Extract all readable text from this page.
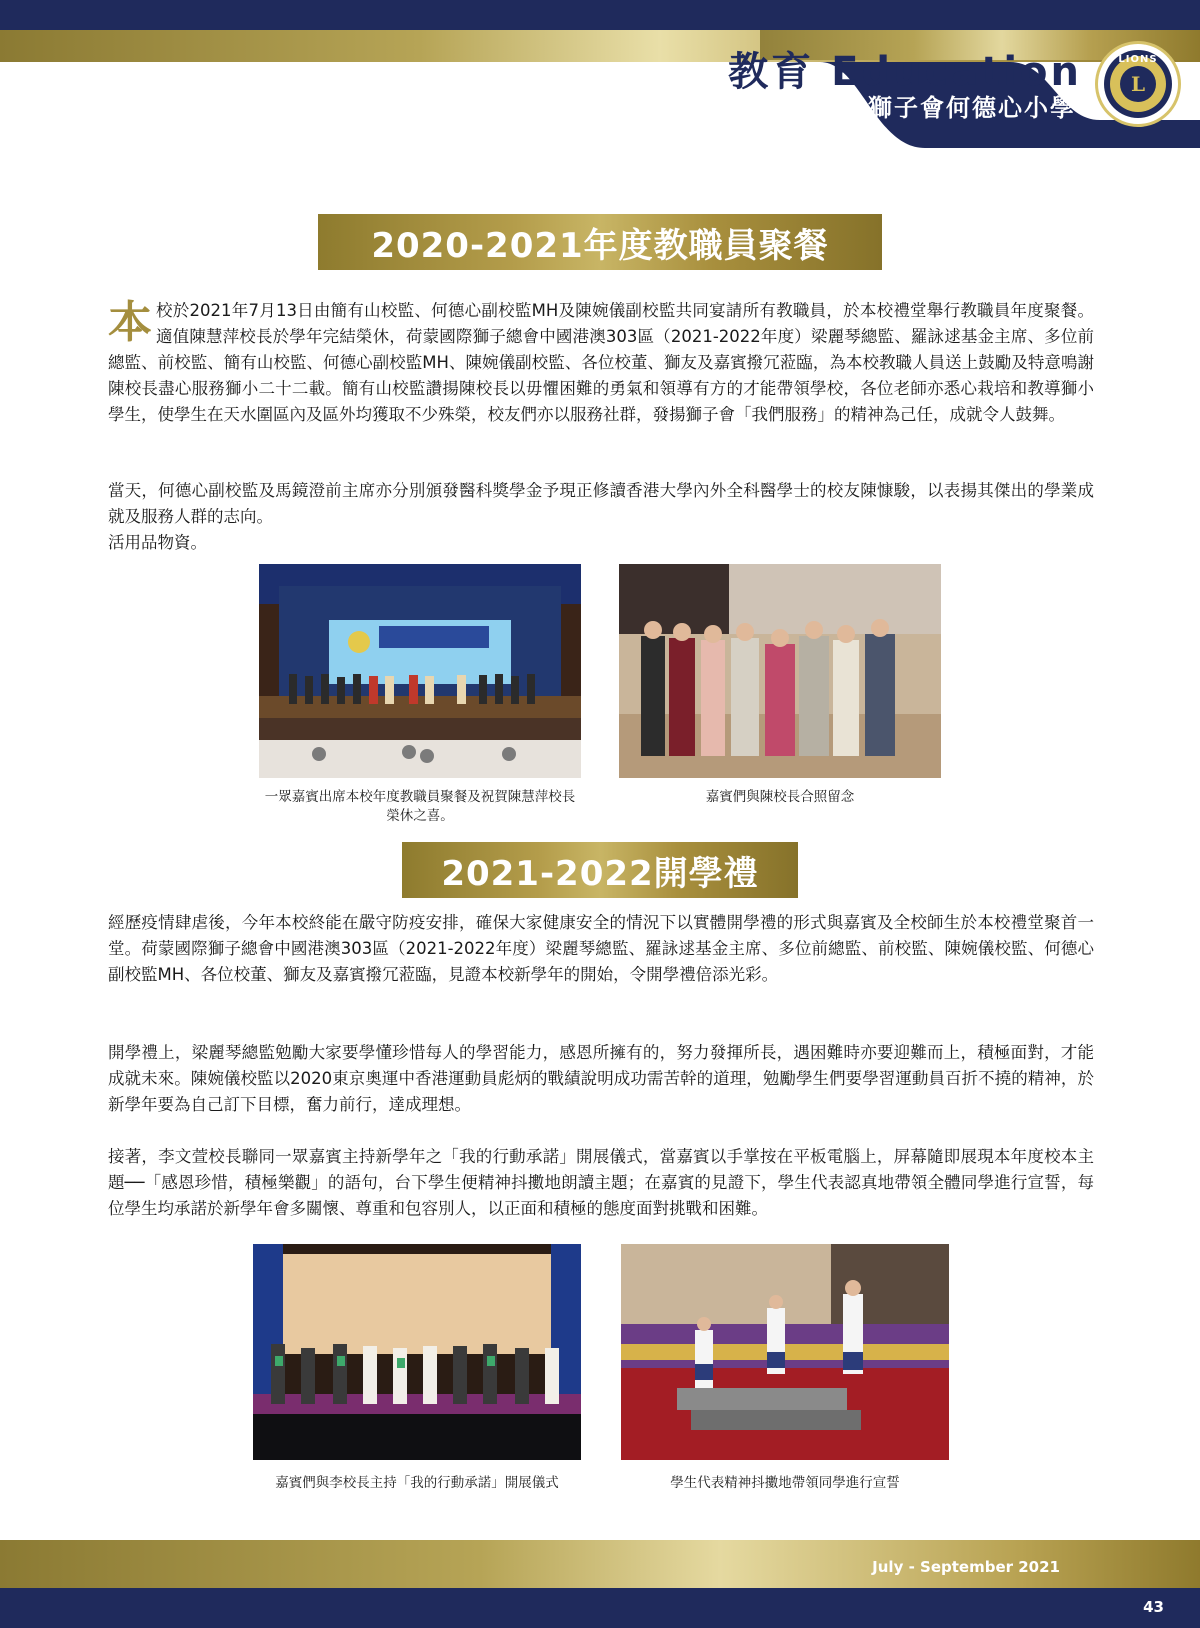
教育 Education
獅子會何德心小學
L
LIONS
2020-2021年度教職員聚餐
本校於2021年7月13日由簡有山校監、何德心副校監MH及陳婉儀副校監共同宴請所有教職員，於本校禮堂舉行教職員年度聚餐。適值陳慧萍校長於學年完結榮休，荷蒙國際獅子總會中國港澳303區（2021-2022年度）梁麗琴總監、羅詠逑基金主席、多位前總監、前校監、簡有山校監、何德心副校監MH、陳婉儀副校監、各位校董、獅友及嘉賓撥冗蒞臨，為本校教職人員送上鼓勵及特意鳴謝陳校長盡心服務獅小二十二載。簡有山校監讚揚陳校長以毋懼困難的勇氣和領導有方的才能帶領學校，各位老師亦悉心栽培和教導獅小學生，使學生在天水圍區內及區外均獲取不少殊榮，校友們亦以服務社群，發揚獅子會「我們服務」的精神為己任，成就令人鼓舞。

當天，何德心副校監及馬鏡澄前主席亦分別頒發醫科獎學金予現正修讀香港大學內外全科醫學士的校友陳慷駿，以表揚其傑出的學業成就及服務人群的志向。

活用品物資。

一眾嘉賓出席本校年度教職員聚餐及祝賀陳慧萍校長榮休之喜。
嘉賓們與陳校長合照留念
2021-2022開學禮

經歷疫情肆虐後，今年本校終能在嚴守防疫安排，確保大家健康安全的情況下以實體開學禮的形式與嘉賓及全校師生於本校禮堂聚首一堂。荷蒙國際獅子總會中國港澳303區（2021-2022年度）梁麗琴總監、羅詠逑基金主席、多位前總監、前校監、陳婉儀校監、何德心副校監MH、各位校董、獅友及嘉賓撥冗蒞臨，見證本校新學年的開始，令開學禮倍添光彩。

開學禮上，梁麗琴總監勉勵大家要學懂珍惜每人的學習能力，感恩所擁有的，努力發揮所長，遇困難時亦要迎難而上，積極面對，才能成就未來。陳婉儀校監以2020東京奧運中香港運動員彪炳的戰績說明成功需苦幹的道理，勉勵學生們要學習運動員百折不撓的精神，於新學年要為自己訂下目標，奮力前行，達成理想。

接著，李文萱校長聯同一眾嘉賓主持新學年之「我的行動承諾」開展儀式，當嘉賓以手掌按在平板電腦上，屏幕隨即展現本年度校本主題──「感恩珍惜，積極樂觀」的語句，台下學生便精神抖擻地朗讀主題；在嘉賓的見證下，學生代表認真地帶領全體同學進行宣誓，每位學生均承諾於新學年會多關懷、尊重和包容別人，以正面和積極的態度面對挑戰和困難。

嘉賓們與李校長主持「我的行動承諾」開展儀式	學生代表精神抖擻地帶領同學進行宣誓
July - September 2021
43
